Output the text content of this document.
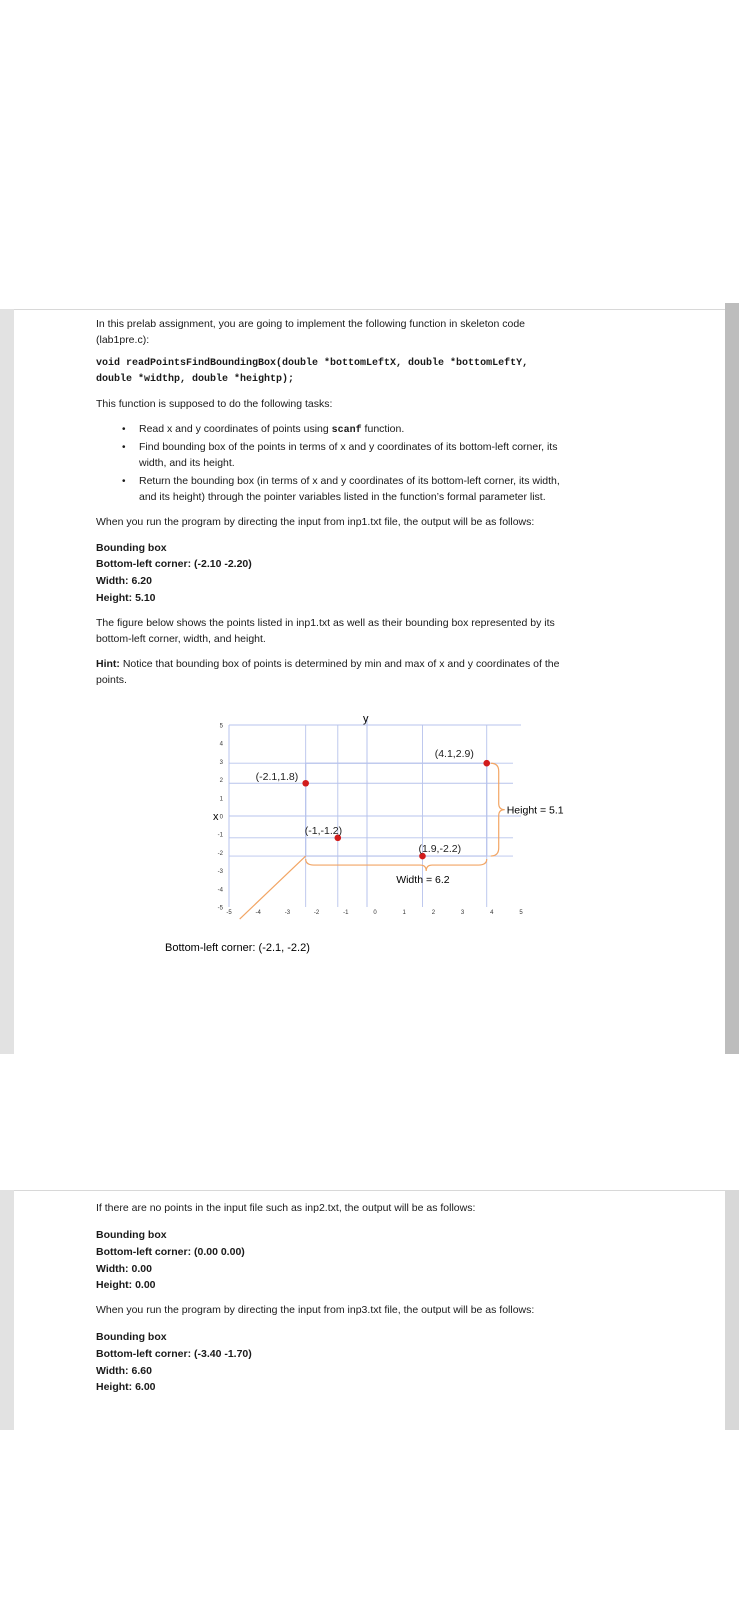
In this prelab assignment, you are going to implement the following function in skeleton code
(lab1pre.c):
void readPointsFindBoundingBox(double *bottomLeftX, double *bottomLeftY,
double *widthp, double *heightp);
This function is supposed to do the following tasks:
• Read x and y coordinates of points using scanf function.
• Find bounding box of the points in terms of x and y coordinates of its bottom-left corner, its
width, and its height.
• Return the bounding box (in terms of x and y coordinates of its bottom-left corner, its width,
and its height) through the pointer variables listed in the function’s formal parameter list.
When you run the program by directing the input from inp1.txt file, the output will be as follows:
Bounding box
Bottom-left corner: (-2.10 -2.20)
Width: 6.20
Height: 5.10
The figure below shows the points listed in inp1.txt as well as their bounding box represented by its
bottom-left corner, width, and height.
Hint: Notice that bounding box of points is determined by min and max of x and y coordinates of the
points.
5
4
3
2
1
0
-1
-2
-3
-4
-5
-5	-4	-3	-2	-1	0	1	2	3	4	5
(4.1,2.9)
(-2.1,1.8)
(-1,-1.2)
(1.9,-2.2)
y
x
Height = 5.1
Width = 6.2
Bottom-left corner: (-2.1, -2.2)
If there are no points in the input file such as inp2.txt, the output will be as follows:
Bounding box
Bottom-left corner: (0.00 0.00)
Width: 0.00
Height: 0.00
When you run the program by directing the input from inp3.txt file, the output will be as follows:
Bounding box
Bottom-left corner: (-3.40 -1.70)
Width: 6.60
Height: 6.00
